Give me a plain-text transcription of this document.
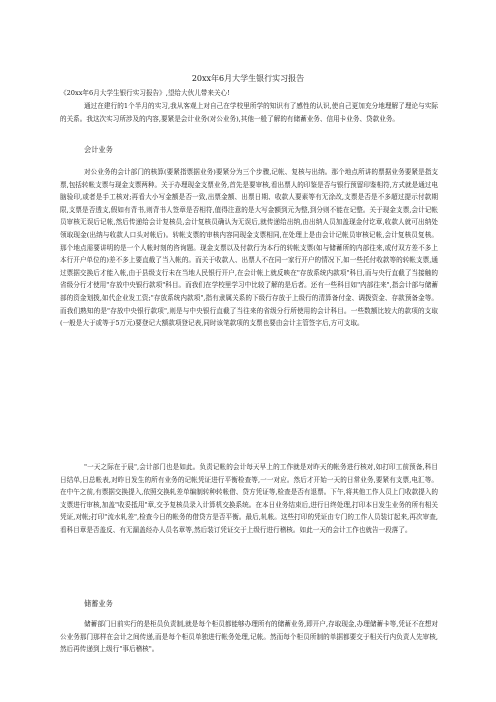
20xx年6月大学生银行实习报告
《20xx年6月大学生银行实习报告》,望给大伙儿带来关心!
通过在建行的1个半月的实习,我从客观上对自己在学校里所学的知识有了感性的认识,使自己更加充分地理解了理论与实际的关系。我这次实习所涉及的内容,要紧是会计业务(对公业务),其他一般了解的有储蓄业务、信用卡业务、贷款业务。
会计业务
对公业务的会计部门的核算(要紧指票据业务)要紧分为三个步骤,记帐、复核与出纳。那个地点所讲的票据业务要紧是指支票,包括转帐支票与现金支票两种。关于办理现金支票业务,首先是要审核,看出票人的印鉴是否与银行预留印鉴相符,方式就是通过电脑验印,或者是手工核对;再看大小写金额是否一致,出票金额、出票日期、收款人要素等有无涂改,支票是否是不多超过提示付款期限,支票是否透支,假如有背书,则背书人签章是否相符,值得注意的是大写金额到元为整,到分则不能在记整。关于现金支票,会计记帐员审核无误后记帐,然后传递给会计复核员,会计复核员确认为无误后,就传递给出纳,由出纳人员加盖现金付讫章,收款人就可出纳处领取现金(出纳与收款人口头对帐后)。转帐支票的审核内容同现金支票相同,在处理上是由会计记帐员审核记帐,会计复核员复核。那个地点需要讲明的是一个人帐时刻的咨询题。现金支票以及付款行为本行的转帐支票(如与储蓄所的内部往来,或付双方差不多上本行开户单位的)差不多上要直截了当入帐的。而关于收款人、出票人不在同一家行开户的情况下,如一些托付收款等的转帐支票,通过票据交换后才能入帐,由于县级支行未在当地人民银行开户,在会计帐上就反映在"存放系统内款项"科目,而与央行直截了当接触的省级分行才使用"存放中央银行款项"科目。而我们在学校里学习中比较了解的是后者。还有一些科目如"内部往来",指会计部与储蓄部的资金划拨,如代企业发工资;"存放系统内款项",指有隶属关系的下级行存放于上级行的清算备付金、调拨资金、存款预备金等。而我们熟知的是"存放中央银行款项",则是与中央银行直截了当往来的省级分行所使用的会计科目。一些数额比较大的款项的支取(一般是大于或等于5万元)要登记大额款项登记表,同时该笔款项的支票也要由会计主管签字后,方可支取。
"一天之际在于晨",会计部门也是如此。负责记帐的会计每天早上的工作就是对昨天的帐务进行核对,如打印工前预备,科目日结单,日总帐表,对昨日发生的所有业务的记帐凭证进行平衡检查等,一一对应。然后才开始一天的日常业务,要紧有支票,电汇等。在中午之前,有票据交换提入,依照交换轧差单编制转种转帐借、贷方凭证等,检查是否有退票。下午,将其他工作人员上门收款提入的支票进行审核,加盖"收妥抵用"章,交予复核员录入计算机交换系统。在本日业务结束后,进行日终处理,打印本日发生业务的所有相关凭证,对帐;打印"流水轧差",检查今日的帐务的借贷方是否平衡。最后,轧帐。这些打印的凭证由专门的工作人员装订起来,再次审查,看科目章是否盖反、有无漏盖经办人员名章等,然后装订凭证交于上级行进行稽核。如此一天的会计工作也就告一段落了。
储蓄业务
储蓄部门日前实行的是柜员负责制,就是每个柜员都能够办理所有的储蓄业务,即开户,存取现金,办理储蓄卡等,凭证不在想对公业务那门那样在会计之间传递,而是每个柜员单独进行帐务处理,记帐。然而每个柜员所制的单据都要交于相关行内负责人先审核,然后再传递到上级行"事后稽核"。
